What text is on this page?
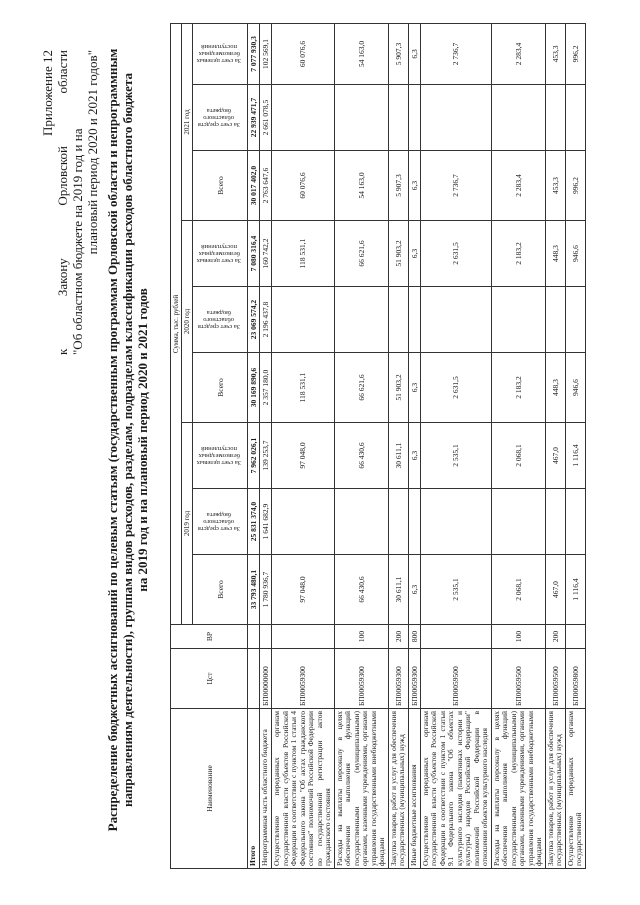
Приложение 12
к
Закону
Орловской
области
"Об областном бюджете на 2019 год и на плановый период 2020 и 2021 годов" Распределение бюджетных ассигнований по целевым статьям (государственным программам Орловской области и непрограммным направлениям деятельности), группам видов расходов, разделам, подразделам классификации расходов областного бюджета на 2019 год и на плановый период 2020 и 2021 годов
Наименование	Цст	ВР	Сумма, тыс. рублей								
			2019 год			2020 год			2021 год		
			Всего	За счет средств областного бюджета	За счет целевых безвозмездных поступлений	Всего	За счет средств областного бюджета	За счет целевых безвозмездных поступлений	Всего	За счет средств областного бюджета	За счет целевых безвозмездных поступлений
Итого			33 793 480,1	25 831 374,0	7 962 026,1	30 169 890,6	23 069 574,2	7 080 316,4	30 017 402,0	22 939 471,7	7 077 930,3
Непрограммная часть областного бюджета	БП00000000		1 780 936,7	1 641 682,9	139 253,7	2 357 180,0	2 196 437,8	160 742,2	2 763 647,6	2 661 078,5	102 569,1
Осуществление переданных органам государственной власти субъектов Российской Федерации в соответствии с пунктом 1 статьи 4 Федерального закона "Об актах гражданского состояния" полномочий Российской Федерации по государственной регистрации актов гражданского состояния	БП00059300		97 048,0		97 048,0	118 531,1		118 531,1	60 076,6		60 076,6
Расходы на выплаты персоналу в целях обеспечения выполнения функций государственными (муниципальными) органами, казенными учреждениями, органами управления государственными внебюджетными фондами	БП00059300	100	66 430,6		66 430,6	66 621,6		66 621,6	54 163,0		54 163,0
Закупка товаров, работ и услуг для обеспечения государственных (муниципальных) нужд	БП00059300	200	30 611,1		30 611,1	51 903,2		51 903,2	5 907,3		5 907,3
Иные бюджетные ассигнования	БП00059300	800	6,3		6,3	6,3		6,3	6,3		6,3
Осуществление переданных органам государственной власти субъектов Российской Федерации в соответствии с пунктом 1 статьи 9.1 Федерального закона "Об объектах культурного наследия (памятниках истории и культуры) народов Российской Федерации" полномочий Российской Федерации в отношении объектов культурного наследия	БП00059500		2 535,1		2 535,1	2 631,5		2 631,5	2 736,7		2 736,7
Расходы на выплаты персоналу в целях обеспечения выполнения функций государственными (муниципальными) органами, казенными учреждениями, органами управления государственными внебюджетными фондами	БП00059500	100	2 068,1		2 068,1	2 183,2		2 183,2	2 283,4		2 283,4
Закупка товаров, работ и услуг для обеспечения государственных (муниципальных) нужд	БП00059500	200	467,0		467,0	448,3		448,3	453,3		453,3
Осуществление переданных органам государственной	БП00059800		1 116,4		1 116,4	946,6		946,6	996,2		996,2
